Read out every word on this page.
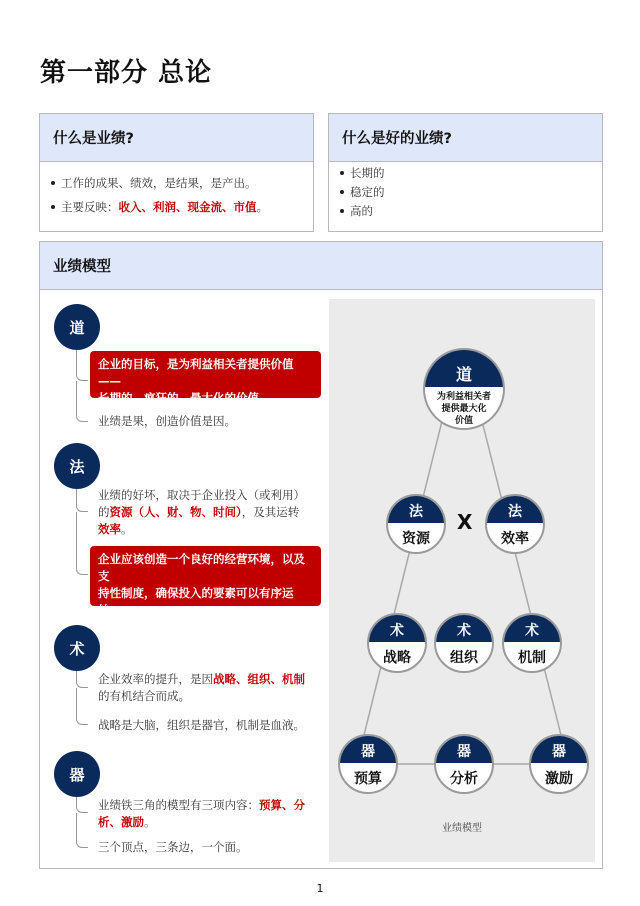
第一部分 总论
什么是业绩?
工作的成果、绩效，是结果，是产出。
主要反映：收入、利润、现金流、市值。
什么是好的业绩?
长期的
稳定的
高的
业绩模型
道
企业的目标，是为利益相关者提供价值——
长期的、疯狂的、最大化的价值。
业绩是果，创造价值是因。
法
业绩的好坏，取决于企业投入（或利用）
的资源（人、财、物、时间），及其运转
效率。
企业应该创造一个良好的经营环境，以及支
持性制度，确保投入的要素可以有序运转，
高效使用。
术
企业效率的提升，是因战略、组织、机制
的有机结合而成。
战略是大脑，组织是器官，机制是血液。
器
业绩铁三角的模型有三项内容：预算、分
析、激励。
三个顶点，三条边，一个面。
道
为利益相关者
提供最大化
价值
法
资源
X	法
效率
术
战略
术
组织
术
机制
器
预算
器
分析
器
激励
业绩模型
1
